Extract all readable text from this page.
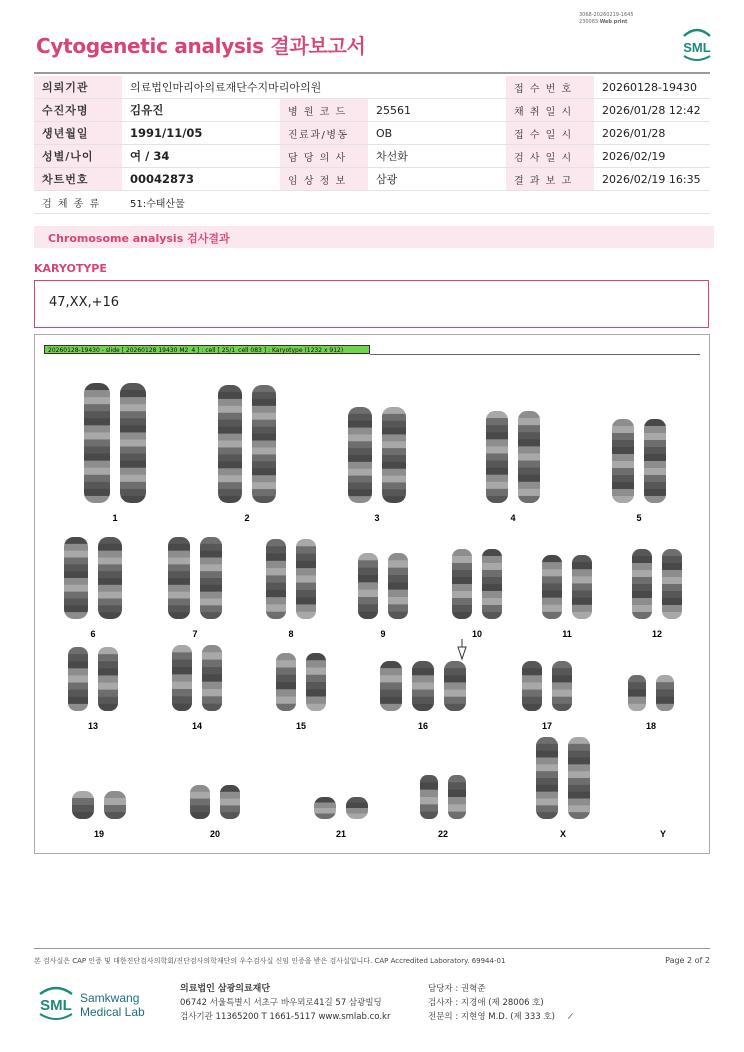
3068-20260219-1645
230083 Web print
Cytogenetic analysis 결과보고서	SML
의뢰기관	의료법인마리아의료재단수지마리아의원			접 수 번 호	20260128-19430
수진자명	김유진	병 원 코 드	25561	채 취 일 시	2026/01/28 12:42
생년월일	1991/11/05	진료과/병동	OB	접 수 일 시	2026/01/28
성별/나이	여 / 34	담 당 의 사	차선화	검 사 일 시	2026/02/19
차트번호	00042873	임 상 정 보	삼광	결 과 보 고	2026/02/19 16:35
검 체 종 류	51:수태산물				
Chromosome analysis 검사결과
KARYOTYPE
47,XX,+16
20260128-19430 - slide [ 20260128 19430 M2_4 ] : cell [ 25/1_cell 083 ] : Karyotype (1232 x 912)
1	2	3	4	5
6	7	8	9	10	11	12
13	14	15	16	17	18
19	20	21	22	X	Y
본 검사실은 CAP 인증 및 대한진단검사의학회/진단검사의학재단의 우수검사실 신임 인증을 받은 검사실입니다. CAP Accredited Laboratory. 69944-01	Page 2 of 2
SML Samkwang
Medical Lab
의료법인 삼광의료재단
06742 서울특별시 서초구 바우뫼로41길 57 삼광빌딩
검사기관 11365200 T 1661-5117 www.smlab.co.kr
담당자 : 권혁준
검사자 : 지경애 (제 28006 호)
전문의 : 지현영 M.D. (제 333 호) 𝓁
